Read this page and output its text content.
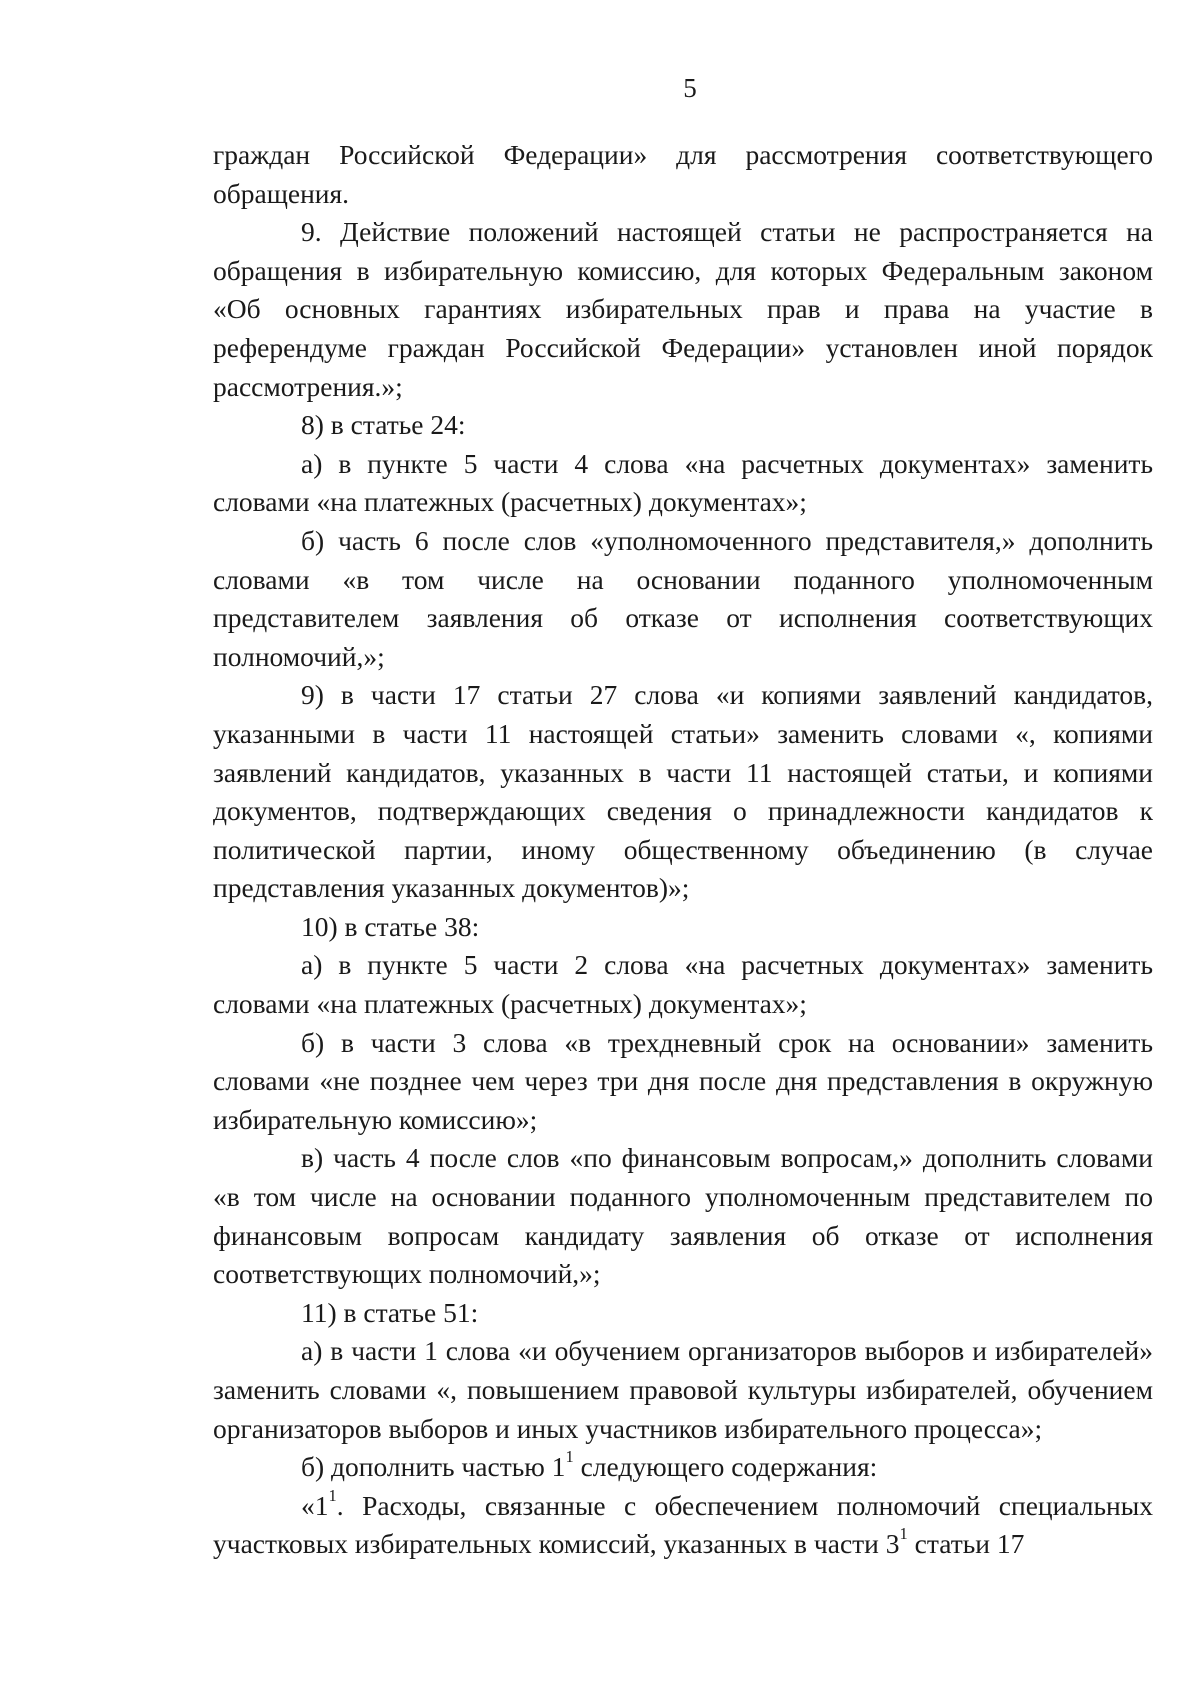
5

граждан Российской Федерации» для рассмотрения соответствующего обращения.

9. Действие положений настоящей статьи не распространяется на обращения в избирательную комиссию, для которых Федеральным законом «Об основных гарантиях избирательных прав и права на участие в референдуме граждан Российской Федерации» установлен иной порядок рассмотрения.»;

8) в статье 24:

а) в пункте 5 части 4 слова «на расчетных документах» заменить словами «на платежных (расчетных) документах»;

б) часть 6 после слов «уполномоченного представителя,» дополнить словами «в том числе на основании поданного уполномоченным представителем заявления об отказе от исполнения соответствующих полномочий,»;

9) в части 17 статьи 27 слова «и копиями заявлений кандидатов, указанными в части 11 настоящей статьи» заменить словами «, копиями заявлений кандидатов, указанных в части 11 настоящей статьи, и копиями документов, подтверждающих сведения о принадлежности кандидатов к политической партии, иному общественному объединению (в случае представления указанных документов)»;

10) в статье 38:

а) в пункте 5 части 2 слова «на расчетных документах» заменить словами «на платежных (расчетных) документах»;

б) в части 3 слова «в трехдневный срок на основании» заменить словами «не позднее чем через три дня после дня представления в окружную избирательную комиссию»;

в) часть 4 после слов «по финансовым вопросам,» дополнить словами «в том числе на основании поданного уполномоченным представителем по финансовым вопросам кандидату заявления об отказе от исполнения соответствующих полномочий,»;

11) в статье 51:

а) в части 1 слова «и обучением организаторов выборов и избирателей» заменить словами «, повышением правовой культуры избирателей, обучением организаторов выборов и иных участников избирательного процесса»;

б) дополнить частью $1^1$ следующего содержания:

«$1^1$. Расходы, связанные с обеспечением полномочий специальных участковых избирательных комиссий, указанных в части $3^1$ статьи 17
